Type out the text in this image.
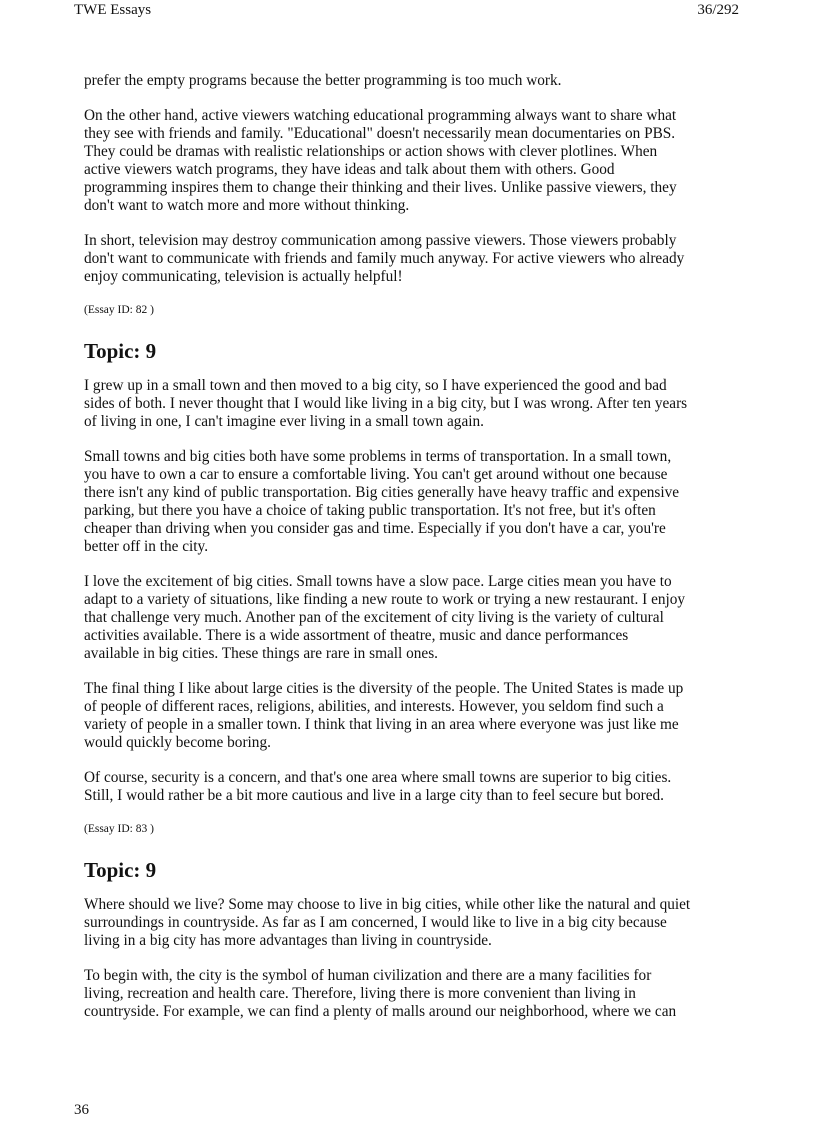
TWE Essays	36/292

prefer the empty programs because the better programming is too much work.

On the other hand, active viewers watching educational programming always want to share what
they see with friends and family. "Educational" doesn't necessarily mean documentaries on PBS.
They could be dramas with realistic relationships or action shows with clever plotlines. When
active viewers watch programs, they have ideas and talk about them with others. Good
programming inspires them to change their thinking and their lives. Unlike passive viewers, they
don't want to watch more and more without thinking.

In short, television may destroy communication among passive viewers. Those viewers probably
don't want to communicate with friends and family much anyway. For active viewers who already
enjoy communicating, television is actually helpful!

(Essay ID: 82 )
Topic: 9

I grew up in a small town and then moved to a big city, so I have experienced the good and bad
sides of both. I never thought that I would like living in a big city, but I was wrong. After ten years
of living in one, I can't imagine ever living in a small town again.

Small towns and big cities both have some problems in terms of transportation. In a small town,
you have to own a car to ensure a comfortable living. You can't get around without one because
there isn't any kind of public transportation. Big cities generally have heavy traffic and expensive
parking, but there you have a choice of taking public transportation. It's not free, but it's often
cheaper than driving when you consider gas and time. Especially if you don't have a car, you're
better off in the city.

I love the excitement of big cities. Small towns have a slow pace. Large cities mean you have to
adapt to a variety of situations, like finding a new route to work or trying a new restaurant. I enjoy
that challenge very much. Another pan of the excitement of city living is the variety of cultural
activities available. There is a wide assortment of theatre, music and dance performances
available in big cities. These things are rare in small ones.

The final thing I like about large cities is the diversity of the people. The United States is made up
of people of different races, religions, abilities, and interests. However, you seldom find such a
variety of people in a smaller town. I think that living in an area where everyone was just like me
would quickly become boring.

Of course, security is a concern, and that's one area where small towns are superior to big cities.
Still, I would rather be a bit more cautious and live in a large city than to feel secure but bored.

(Essay ID: 83 )
Topic: 9

Where should we live? Some may choose to live in big cities, while other like the natural and quiet
surroundings in countryside. As far as I am concerned, I would like to live in a big city because
living in a big city has more advantages than living in countryside.

To begin with, the city is the symbol of human civilization and there are a many facilities for
living, recreation and health care. Therefore, living there is more convenient than living in
countryside. For example, we can find a plenty of malls around our neighborhood, where we can

36
